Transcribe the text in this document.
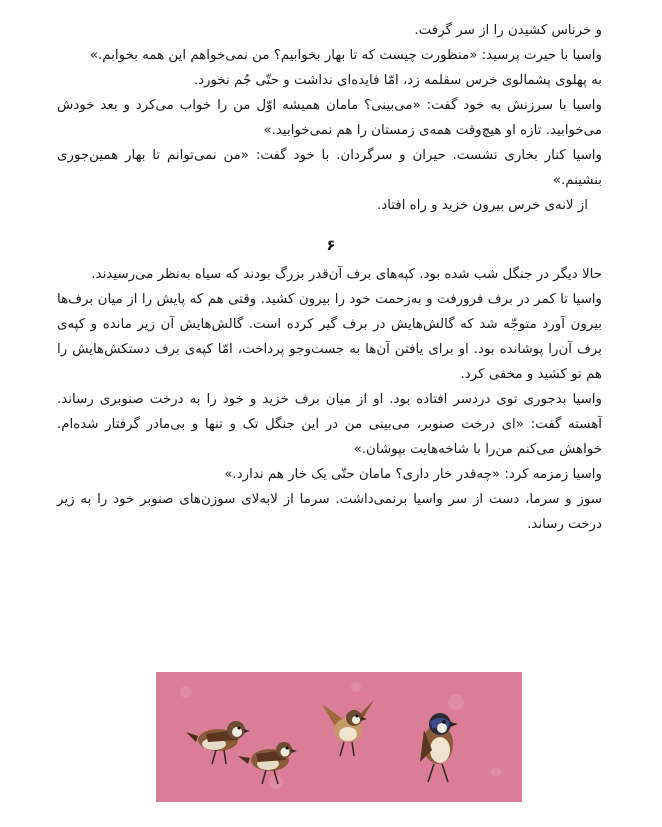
و خرناس کشیدن را از سر گرفت.

واسیا با حیرت پرسید: «منظورت چیست که تا بهار بخوابیم؟ من نمی‌خواهم این همه بخوابم.»

به پهلوی پشمالوی خرس سقلمه زد، امّا فایده‌ای نداشت و حتّی جُم نخورد.

واسیا با سرزنش به خود گفت: «می‌بینی؟ مامان همیشه اوّل من را خواب می‌کرد و بعد خودش می‌خوابید. تازه او هیچ‌وقت همه‌ی زمستان را هم نمی‌خوابید.»

واسیا کنار بخاری نشست. حیران و سرگردان. با خود گفت: «من نمی‌توانم تا بهار همین‌جوری بنشینم.»

از لانه‌ی خرس بیرون خزید و راه افتاد.

۶

حالا دیگر در جنگل شب شده بود. کپه‌های برف آن‌قدر بزرگ بودند که سیاه به‌نظر می‌رسیدند.

واسیا تا کمر در برف فرورفت و به‌زحمت خود را بیرون کشید. وقتی هم که پایش را از میان برف‌ها بیرون آورد متوجّه شد که گالش‌هایش در برف گیر کرده است. گالش‌هایش آن زیر مانده و کپه‌ی برف آن‌را پوشانده بود. او برای یافتن آن‌ها به جست‌وجو پرداخت، امّا کپه‌ی برف دستکش‌هایش را هم تو کشید و مخفی کرد.

واسیا بدجوری توی دردسر افتاده بود. او از میان برف خزید و خود را به درخت صنوبری رساند. آهسته گفت: «ای درخت صنوبر، می‌بینی من در این جنگل تک و تنها و بی‌مادر گرفتار شده‌ام. خواهش می‌کنم من‌را با شاخه‌هایت بپوشان.»

واسیا زمزمه کرد: «چه‌قدر خار داری؟ مامان حتّی یک خار هم ندارد.»

سوز و سرما، دست از سر واسیا برنمی‌داشت. سرما از لابه‌لای سوزن‌های صنوبر خود را به زیر درخت رساند.
